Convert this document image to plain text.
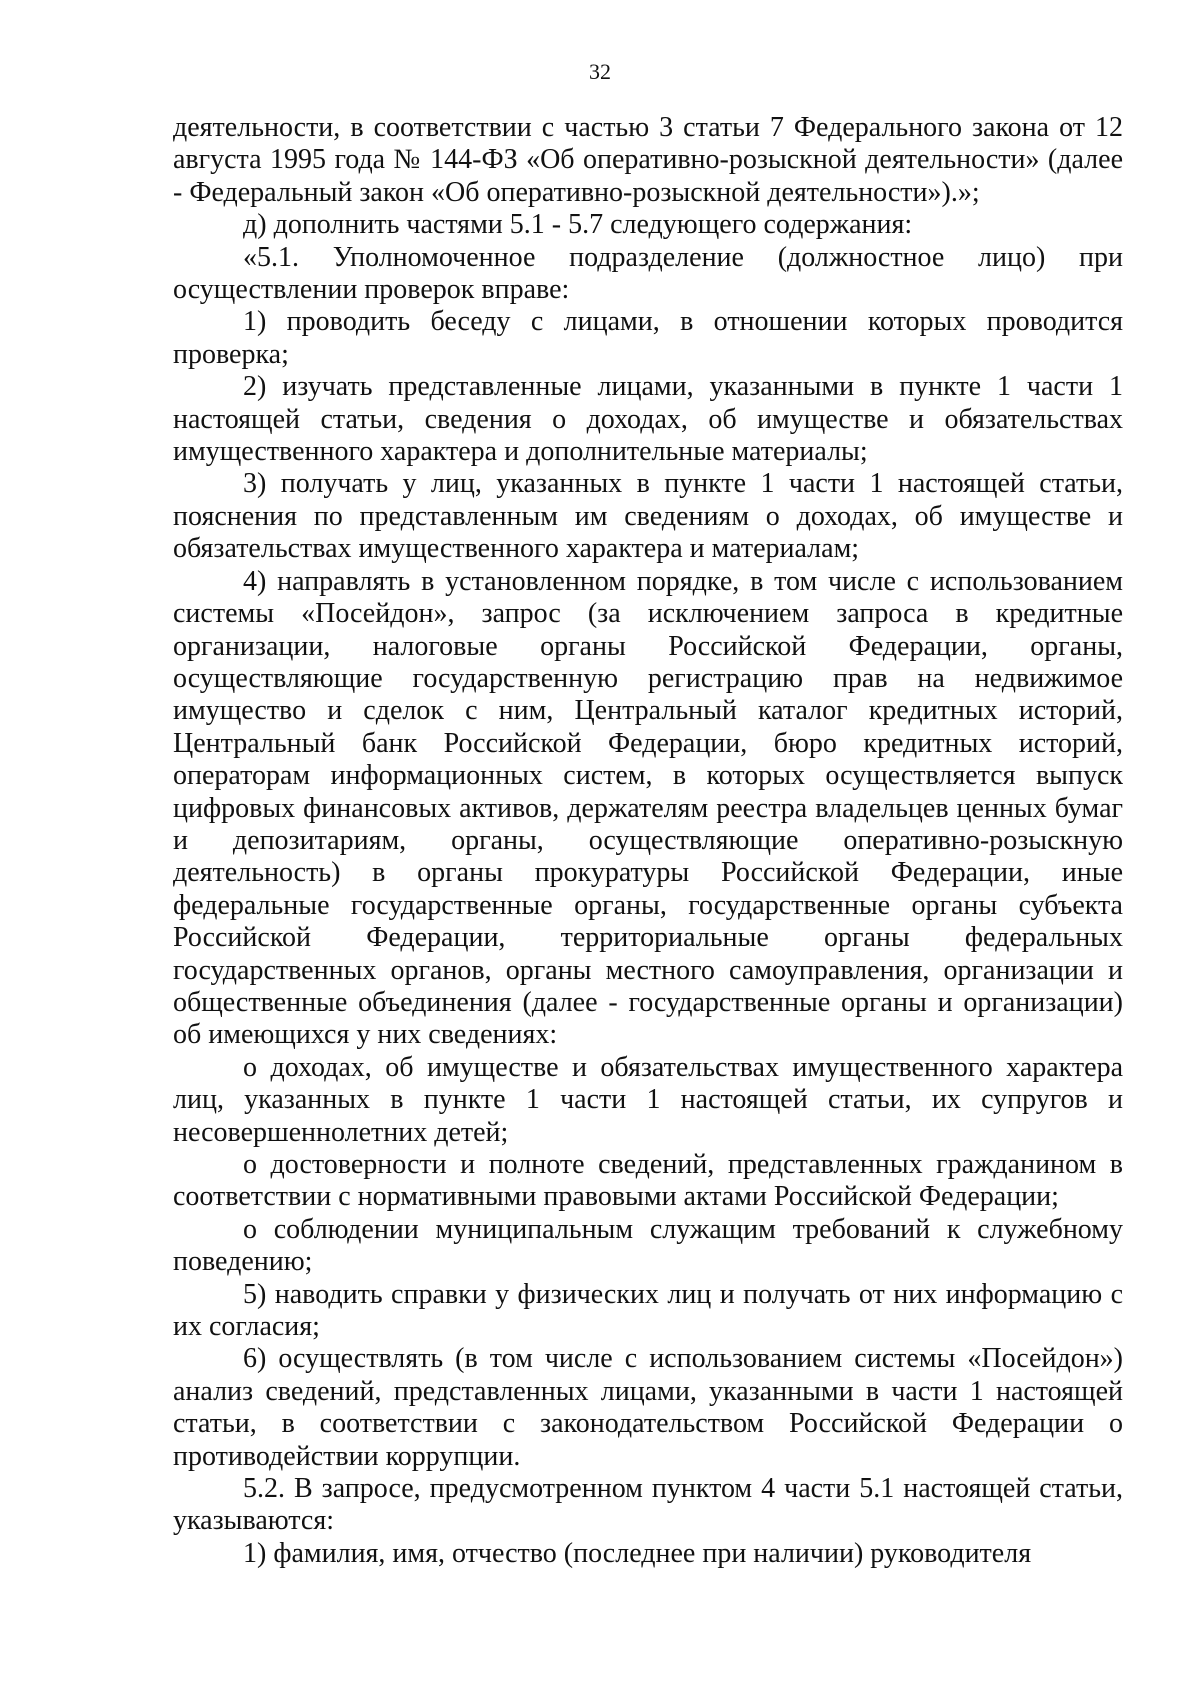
32

деятельности, в соответствии с частью 3 статьи 7 Федерального закона от 12 августа 1995 года № 144-ФЗ «Об оперативно-розыскной деятельности» (далее - Федеральный закон «Об оперативно-розыскной деятельности»).»;

д) дополнить частями 5.1 - 5.7 следующего содержания:

«5.1. Уполномоченное подразделение (должностное лицо) при осуществлении проверок вправе:

1) проводить беседу с лицами, в отношении которых проводится проверка;

2) изучать представленные лицами, указанными в пункте 1 части 1 настоящей статьи, сведения о доходах, об имуществе и обязательствах имущественного характера и дополнительные материалы;

3) получать у лиц, указанных в пункте 1 части 1 настоящей статьи, пояснения по представленным им сведениям о доходах, об имуществе и обязательствах имущественного характера и материалам;

4) направлять в установленном порядке, в том числе с использованием системы «Посейдон», запрос (за исключением запроса в кредитные организации, налоговые органы Российской Федерации, органы, осуществляющие государственную регистрацию прав на недвижимое имущество и сделок с ним, Центральный каталог кредитных историй, Центральный банк Российской Федерации, бюро кредитных историй, операторам информационных систем, в которых осуществляется выпуск цифровых финансовых активов, держателям реестра владельцев ценных бумаг и депозитариям, органы, осуществляющие оперативно-розыскную деятельность) в органы прокуратуры Российской Федерации, иные федеральные государственные органы, государственные органы субъекта Российской Федерации, территориальные органы федеральных государственных органов, органы местного самоуправления, организации и общественные объединения (далее - государственные органы и организации) об имеющихся у них сведениях:

о доходах, об имуществе и обязательствах имущественного характера лиц, указанных в пункте 1 части 1 настоящей статьи, их супругов и несовершеннолетних детей;

о достоверности и полноте сведений, представленных гражданином в соответствии с нормативными правовыми актами Российской Федерации;

о соблюдении муниципальным служащим требований к служебному поведению;

5) наводить справки у физических лиц и получать от них информацию с их согласия;

6) осуществлять (в том числе с использованием системы «Посейдон») анализ сведений, представленных лицами, указанными в части 1 настоящей статьи, в соответствии с законодательством Российской Федерации о противодействии коррупции.

5.2. В запросе, предусмотренном пунктом 4 части 5.1 настоящей статьи, указываются:

1) фамилия, имя, отчество (последнее при наличии) руководителя
